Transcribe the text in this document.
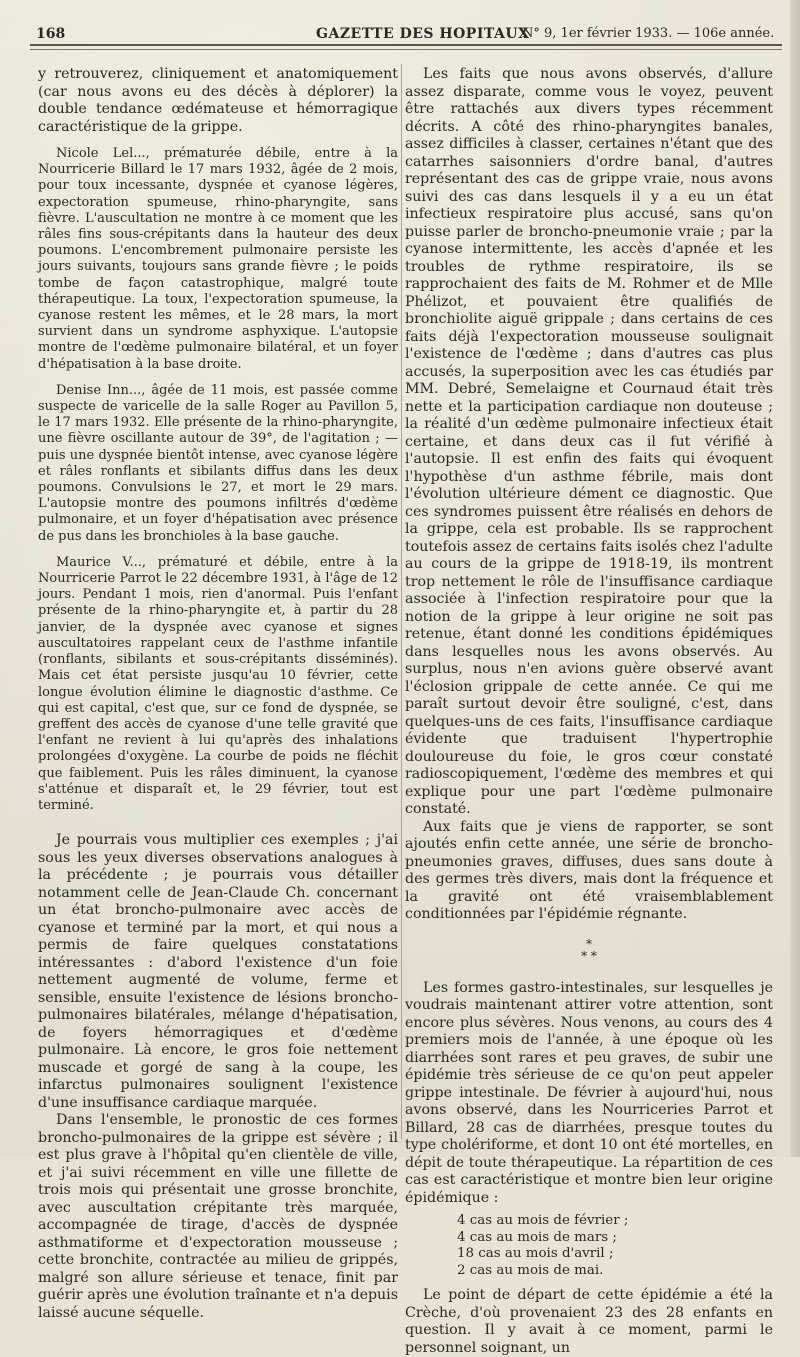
168	GAZETTE DES HOPITAUX
N° 9, 1er février 1933. — 106e année.

y retrouverez, cliniquement et anatomiquement (car nous avons eu des décès à déplorer) la double tendance œdémateuse et hémorragique caractéristique de la grippe.

Nicole Lel..., prématurée débile, entre à la Nourricerie Billard le 17 mars 1932, âgée de 2 mois, pour toux incessante, dyspnée et cyanose légères, expectoration spumeuse, rhino-pharyngite, sans fièvre. L'auscultation ne montre à ce moment que les râles fins sous-crépitants dans la hauteur des deux poumons. L'encombrement pulmonaire persiste les jours suivants, toujours sans grande fièvre ; le poids tombe de façon catastrophique, malgré toute thérapeutique. La toux, l'expectoration spumeuse, la cyanose restent les mêmes, et le 28 mars, la mort survient dans un syndrome asphyxique. L'autopsie montre de l'œdème pulmonaire bilatéral, et un foyer d'hépatisation à la base droite.

Denise Inn..., âgée de 11 mois, est passée comme suspecte de varicelle de la salle Roger au Pavillon 5, le 17 mars 1932. Elle présente de la rhino-pharyngite, une fièvre oscillante autour de 39°, de l'agitation ; — puis une dyspnée bientôt intense, avec cyanose légère et râles ronflants et sibilants diffus dans les deux poumons. Convulsions le 27, et mort le 29 mars. L'autopsie montre des poumons infiltrés d'œdème pulmonaire, et un foyer d'hépatisation avec présence de pus dans les bronchioles à la base gauche.

Maurice V..., prématuré et débile, entre à la Nourricerie Parrot le 22 décembre 1931, à l'âge de 12 jours. Pendant 1 mois, rien d'anormal. Puis l'enfant présente de la rhino-pharyngite et, à partir du 28 janvier, de la dyspnée avec cyanose et signes auscultatoires rappelant ceux de l'asthme infantile (ronflants, sibilants et sous-crépitants disséminés). Mais cet état persiste jusqu'au 10 février, cette longue évolution élimine le diagnostic d'asthme. Ce qui est capital, c'est que, sur ce fond de dyspnée, se greffent des accès de cyanose d'une telle gravité que l'enfant ne revient à lui qu'après des inhalations prolongées d'oxygène. La courbe de poids ne fléchit que faiblement. Puis les râles diminuent, la cyanose s'atténue et disparaît et, le 29 février, tout est terminé.

Je pourrais vous multiplier ces exemples ; j'ai sous les yeux diverses observations analogues à la précédente ; je pourrais vous détailler notamment celle de Jean-Claude Ch. concernant un état broncho-pulmonaire avec accès de cyanose et terminé par la mort, et qui nous a permis de faire quelques constatations intéressantes : d'abord l'existence d'un foie nettement augmenté de volume, ferme et sensible, ensuite l'existence de lésions broncho-pulmonaires bilatérales, mélange d'hépatisation, de foyers hémorragiques et d'œdème pulmonaire. Là encore, le gros foie nettement muscade et gorgé de sang à la coupe, les infarctus pulmonaires soulignent l'existence d'une insuffisance cardiaque marquée.

Dans l'ensemble, le pronostic de ces formes broncho-pulmonaires de la grippe est sévère ; il est plus grave à l'hôpital qu'en clientèle de ville, et j'ai suivi récemment en ville une fillette de trois mois qui présentait une grosse bronchite, avec auscultation crépitante très marquée, accompagnée de tirage, d'accès de dyspnée asthmatiforme et d'expectoration mousseuse ; cette bronchite, contractée au milieu de grippés, malgré son allure sérieuse et tenace, finit par guérir après une évolution traînante et n'a depuis laissé aucune séquelle.

Les faits que nous avons observés, d'allure assez disparate, comme vous le voyez, peuvent être rattachés aux divers types récemment décrits. A côté des rhino-pharyngites banales, assez difficiles à classer, certaines n'étant que des catarrhes saisonniers d'ordre banal, d'autres représentant des cas de grippe vraie, nous avons suivi des cas dans lesquels il y a eu un état infectieux respiratoire plus accusé, sans qu'on puisse parler de broncho-pneumonie vraie ; par la cyanose intermittente, les accès d'apnée et les troubles de rythme respiratoire, ils se rapprochaient des faits de M. Rohmer et de Mlle Phélizot, et pouvaient être qualifiés de bronchiolite aiguë grippale ; dans certains de ces faits déjà l'expectoration mousseuse soulignait l'existence de l'œdème ; dans d'autres cas plus accusés, la superposition avec les cas étudiés par MM. Debré, Semelaigne et Cournaud était très nette et la participation cardiaque non douteuse ; la réalité d'un œdème pulmonaire infectieux était certaine, et dans deux cas il fut vérifié à l'autopsie. Il est enfin des faits qui évoquent l'hypothèse d'un asthme fébrile, mais dont l'évolution ultérieure dément ce diagnostic. Que ces syndromes puissent être réalisés en dehors de la grippe, cela est probable. Ils se rapprochent toutefois assez de certains faits isolés chez l'adulte au cours de la grippe de 1918-19, ils montrent trop nettement le rôle de l'insuffisance cardiaque associée à l'infection respiratoire pour que la notion de la grippe à leur origine ne soit pas retenue, étant donné les conditions épidémiques dans lesquelles nous les avons observés. Au surplus, nous n'en avions guère observé avant l'éclosion grippale de cette année. Ce qui me paraît surtout devoir être souligné, c'est, dans quelques-uns de ces faits, l'insuffisance cardiaque évidente que traduisent l'hypertrophie douloureuse du foie, le gros cœur constaté radioscopiquement, l'œdème des membres et qui explique pour une part l'œdème pulmonaire constaté.

Aux faits que je viens de rapporter, se sont ajoutés enfin cette année, une série de broncho-pneumonies graves, diffuses, dues sans doute à des germes très divers, mais dont la fréquence et la gravité ont été vraisemblablement conditionnées par l'épidémie régnante.

*
* *

Les formes gastro-intestinales, sur lesquelles je voudrais maintenant attirer votre attention, sont encore plus sévères. Nous venons, au cours des 4 premiers mois de l'année, à une époque où les diarrhées sont rares et peu graves, de subir une épidémie très sérieuse de ce qu'on peut appeler grippe intestinale. De février à aujourd'hui, nous avons observé, dans les Nourriceries Parrot et Billard, 28 cas de diarrhées, presque toutes du type cholériforme, et dont 10 ont été mortelles, en dépit de toute thérapeutique. La répartition de ces cas est caractéristique et montre bien leur origine épidémique :

4 cas au mois de février ;
4 cas au mois de mars ;
18 cas au mois d'avril ;
2 cas au mois de mai.

Le point de départ de cette épidémie a été la Crèche, d'où provenaient 23 des 28 enfants en question. Il y avait à ce moment, parmi le personnel soignant, un
